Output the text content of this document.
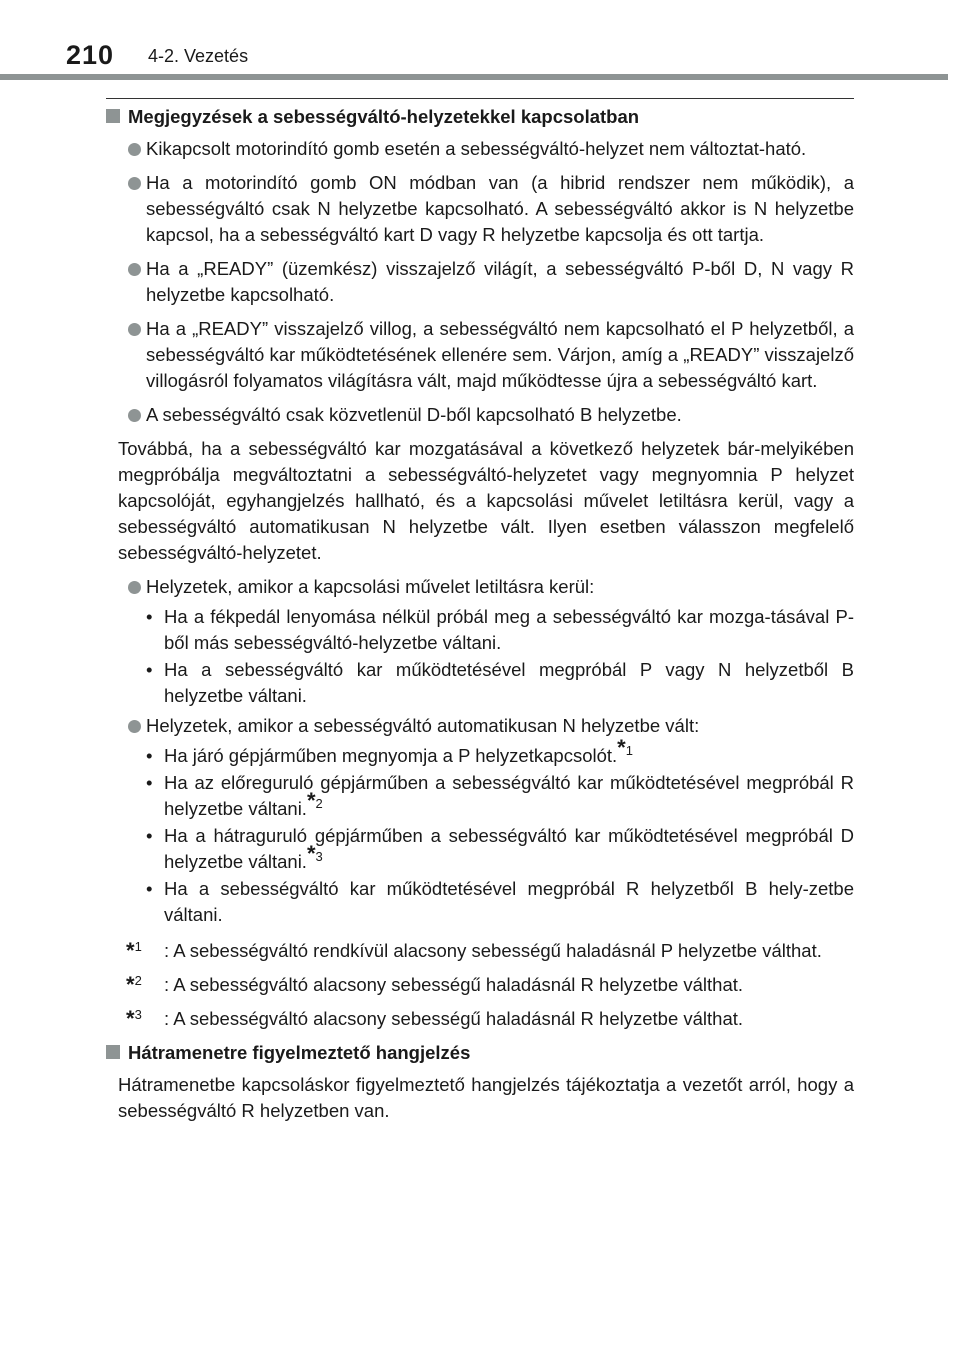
210 4-2. Vezetés
Megjegyzések a sebességváltó-helyzetekkel kapcsolatban
Kikapcsolt motorindító gomb esetén a sebességváltó-helyzet nem változtat-ható.
Ha a motorindító gomb ON módban van (a hibrid rendszer nem működik), a sebességváltó csak N helyzetbe kapcsolható. A sebességváltó akkor is N helyzetbe kapcsol, ha a sebességváltó kart D vagy R helyzetbe kapcsolja és ott tartja.
Ha a „READY” (üzemkész) visszajelző világít, a sebességváltó P-ből D, N vagy R helyzetbe kapcsolható.
Ha a „READY” visszajelző villog, a sebességváltó nem kapcsolható el P helyzetből, a sebességváltó kar működtetésének ellenére sem. Várjon, amíg a „READY” visszajelző villogásról folyamatos világításra vált, majd működtesse újra a sebességváltó kart.
A sebességváltó csak közvetlenül D-ből kapcsolható B helyzetbe.
Továbbá, ha a sebességváltó kar mozgatásával a következő helyzetek bár-melyikében megpróbálja megváltoztatni a sebességváltó-helyzetet vagy megnyomnia P helyzet kapcsolóját, egyhangjelzés hallható, és a kapcsolási művelet letiltásra kerül, vagy a sebességváltó automatikusan N helyzetbe vált. Ilyen esetben válasszon megfelelő sebességváltó-helyzetet.
Helyzetek, amikor a kapcsolási művelet letiltásra kerül:
• Ha a fékpedál lenyomása nélkül próbál meg a sebességváltó kar mozga-tásával P-ből más sebességváltó-helyzetbe váltani.
• Ha a sebességváltó kar működtetésével megpróbál P vagy N helyzetből B helyzetbe váltani.
Helyzetek, amikor a sebességváltó automatikusan N helyzetbe vált:
• Ha járó gépjárműben megnyomja a P helyzetkapcsolót.$^{*1}$
• Ha az előreguruló gépjárműben a sebességváltó kar működtetésével megpróbál R helyzetbe váltani.$^{*2}$
• Ha a hátraguruló gépjárműben a sebességváltó kar működtetésével megpróbál D helyzetbe váltani.$^{*3}$
• Ha a sebességváltó kar működtetésével megpróbál R helyzetből B hely-zetbe váltani.
*$^1$ : A sebességváltó rendkívül alacsony sebességű haladásnál P helyzetbe válthat.
*$^2$ : A sebességváltó alacsony sebességű haladásnál R helyzetbe válthat.
*$^3$ : A sebességváltó alacsony sebességű haladásnál R helyzetbe válthat.
Hátramenetre figyelmeztető hangjelzés
Hátramenetbe kapcsoláskor figyelmeztető hangjelzés tájékoztatja a vezetőt arról, hogy a sebességváltó R helyzetben van.
